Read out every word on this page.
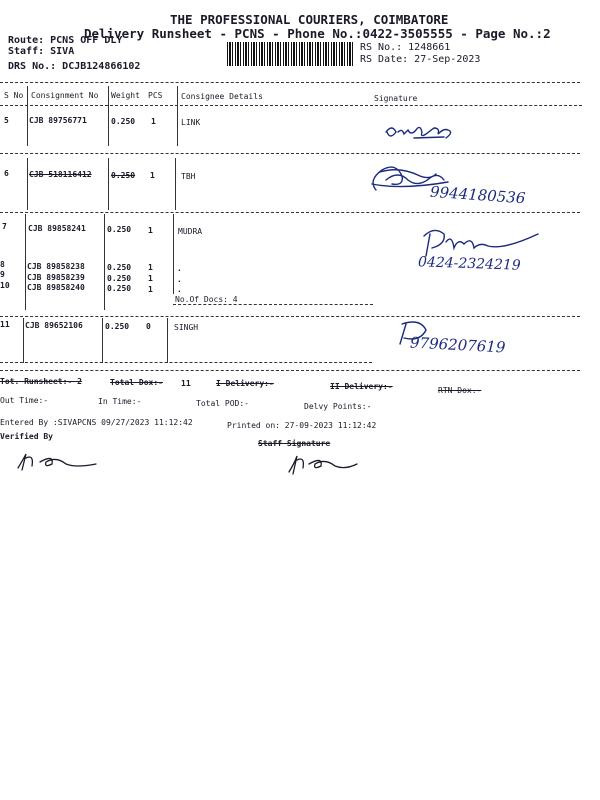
THE PROFESSIONAL COURIERS, COIMBATORE
Delivery Runsheet - PCNS - Phone No.:0422-3505555 - Page No.:2
Route: PCNS OFF DLY
Staff: SIVA
DRS No.: DCJB124866102
RS No.: 1248661
RS Date: 27-Sep-2023
S No Consignment No Weight PCS Consignee Details	Signature
5	CJB 89756771	0.250 1	LINK
6	CJB 518116412 0.250 1	TBH
9944180536
7	CJB 89858241	0.250 1	MUDRA
0424-2324219
8	CJB 89858238	0.250 1	.
9	CJB 89858239	0.250 1	.
10 CJB 89858240	0.250 1	.
No.Of Docs: 4
11 CJB 89652106	0.250 0	SINGH
9796207619
Tot. Runsheet:- 2	Total Dox:- 11	I Delivery:-	II Delivery:-	RTN Dox.-
Out Time:-	In Time:-	Total POD:-	Delvy Points:-
Entered By :SIVAPCNS 09/27/2023 11:12:42	Printed on: 27-09-2023 11:12:42
Verified By
Staff Signature
